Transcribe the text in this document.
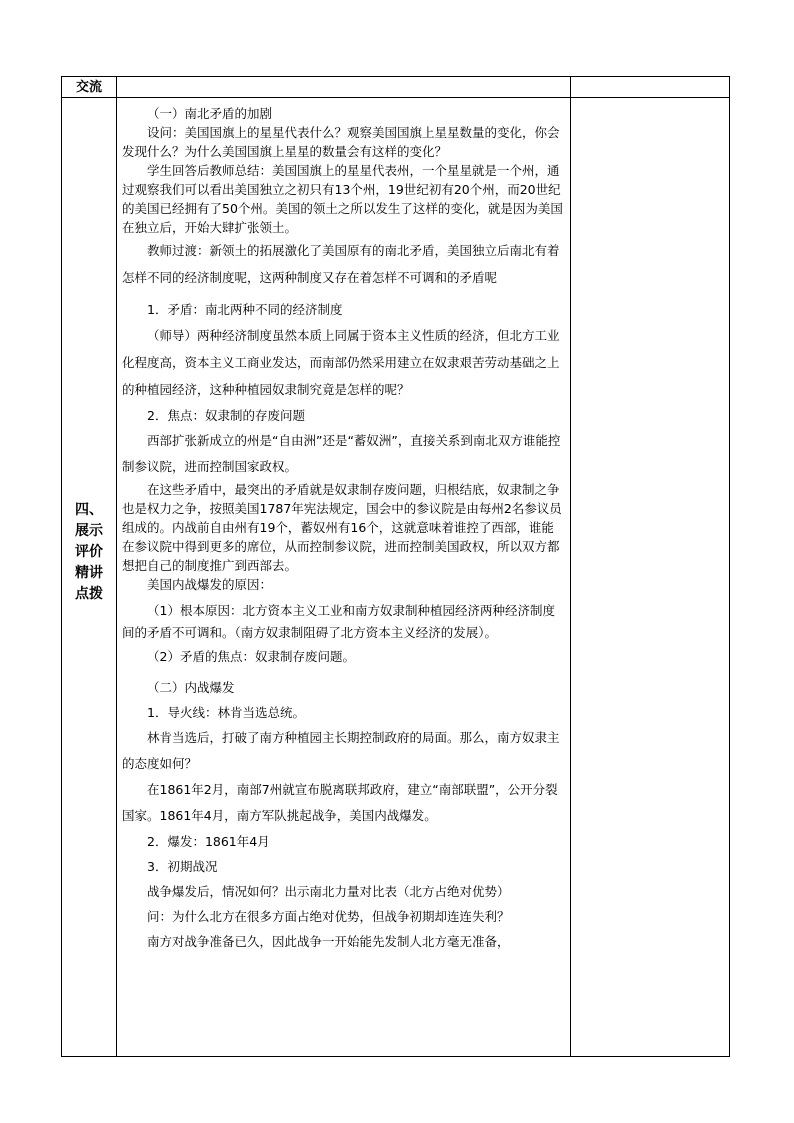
交流
四、
展示
评价
精讲
点拨

（一）南北矛盾的加剧

设问：美国国旗上的星星代表什么？观察美国国旗上星星数量的变化，你会发现什么？为什么美国国旗上星星的数量会有这样的变化？

学生回答后教师总结：美国国旗上的星星代表州，一个星星就是一个州，通过观察我们可以看出美国独立之初只有13个州，19世纪初有20个州，而20世纪的美国已经拥有了50个州。美国的领土之所以发生了这样的变化，就是因为美国在独立后，开始大肆扩张领土。

教师过渡：新领土的拓展激化了美国原有的南北矛盾，美国独立后南北有着怎样不同的经济制度呢，这两种制度又存在着怎样不可调和的矛盾呢

1．矛盾：南北两种不同的经济制度

（师导）两种经济制度虽然本质上同属于资本主义性质的经济，但北方工业化程度高，资本主义工商业发达，而南部仍然采用建立在奴隶艰苦劳动基础之上的种植园经济，这种种植园奴隶制究竟是怎样的呢？

2．焦点：奴隶制的存废问题

西部扩张新成立的州是“自由洲”还是“蓄奴洲”，直接关系到南北双方谁能控制参议院，进而控制国家政权。

在这些矛盾中，最突出的矛盾就是奴隶制存废问题，归根结底，奴隶制之争也是权力之争，按照美国1787年宪法规定，国会中的参议院是由每州2名参议员组成的。内战前自由州有19个，蓄奴州有16个，这就意味着谁控了西部，谁能在参议院中得到更多的席位，从而控制参议院，进而控制美国政权，所以双方都想把自己的制度推广到西部去。

美国内战爆发的原因：

（1）根本原因：北方资本主义工业和南方奴隶制种植园经济两种经济制度间的矛盾不可调和。（南方奴隶制阻碍了北方资本主义经济的发展）。

（2）矛盾的焦点：奴隶制存废问题。

（二）内战爆发

1．导火线：林肯当选总统。

林肯当选后，打破了南方种植园主长期控制政府的局面。那么，南方奴隶主的态度如何？

在1861年2月，南部7州就宣布脱离联邦政府，建立“南部联盟”，公开分裂国家。1861年4月，南方军队挑起战争，美国内战爆发。

2．爆发：1861年4月

3．初期战况

战争爆发后，情况如何？出示南北力量对比表（北方占绝对优势）

问：为什么北方在很多方面占绝对优势，但战争初期却连连失利？

南方对战争准备已久，因此战争一开始能先发制人北方毫无准备，
